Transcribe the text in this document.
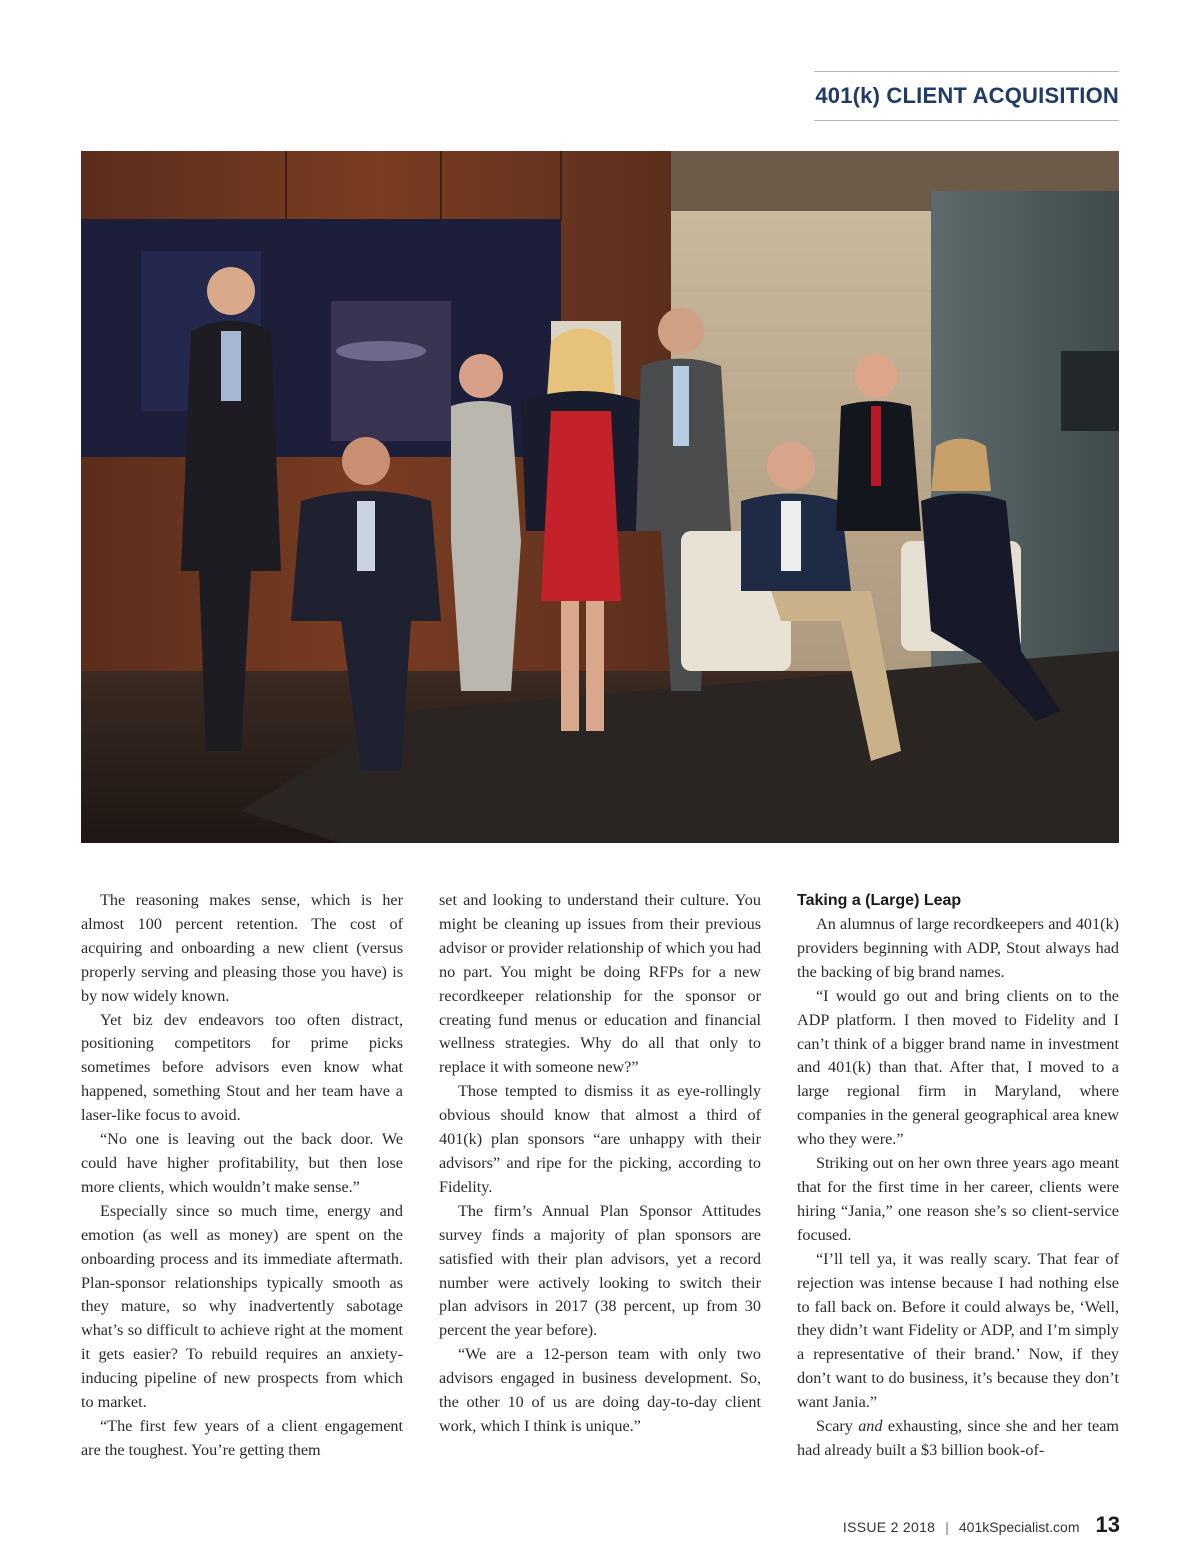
401(k) CLIENT ACQUISITION

The reasoning makes sense, which is her almost 100 percent retention. The cost of acquiring and onboarding a new client (versus properly serving and pleasing those you have) is by now widely known.

Yet biz dev endeavors too often distract, positioning competitors for prime picks sometimes before advisors even know what happened, something Stout and her team have a laser-like focus to avoid.

“No one is leaving out the back door. We could have higher profitability, but then lose more clients, which wouldn’t make sense.”

Especially since so much time, energy and emotion (as well as money) are spent on the onboarding process and its immediate aftermath. Plan-sponsor relationships typically smooth as they mature, so why inadvertently sabotage what’s so difficult to achieve right at the moment it gets easier? To rebuild requires an anxiety-inducing pipeline of new prospects from which to market.

“The first few years of a client engagement are the toughest. You’re getting them

set and looking to understand their culture. You might be cleaning up issues from their previous advisor or provider relationship of which you had no part. You might be doing RFPs for a new recordkeeper relationship for the sponsor or creating fund menus or education and financial wellness strategies. Why do all that only to replace it with someone new?”

Those tempted to dismiss it as eye-rollingly obvious should know that almost a third of 401(k) plan sponsors “are unhappy with their advisors” and ripe for the picking, according to Fidelity.

The firm’s Annual Plan Sponsor Attitudes survey finds a majority of plan sponsors are satisfied with their plan advisors, yet a record number were actively looking to switch their plan advisors in 2017 (38 percent, up from 30 percent the year before).

“We are a 12-person team with only two advisors engaged in business development. So, the other 10 of us are doing day-to-day client work, which I think is unique.”

Taking a (Large) Leap

An alumnus of large recordkeepers and 401(k) providers beginning with ADP, Stout always had the backing of big brand names.

“I would go out and bring clients on to the ADP platform. I then moved to Fidelity and I can’t think of a bigger brand name in investment and 401(k) than that. After that, I moved to a large regional firm in Maryland, where companies in the general geographical area knew who they were.”

Striking out on her own three years ago meant that for the first time in her career, clients were hiring “Jania,” one reason she’s so client-service focused.

“I’ll tell ya, it was really scary. That fear of rejection was intense because I had nothing else to fall back on. Before it could always be, ‘Well, they didn’t want Fidelity or ADP, and I’m simply a representative of their brand.’ Now, if they don’t want to do business, it’s because they don’t want Jania.”

Scary and exhausting, since she and her team had already built a $3 billion book-of-

ISSUE 2 2018 | 401kSpecialist.com 13
